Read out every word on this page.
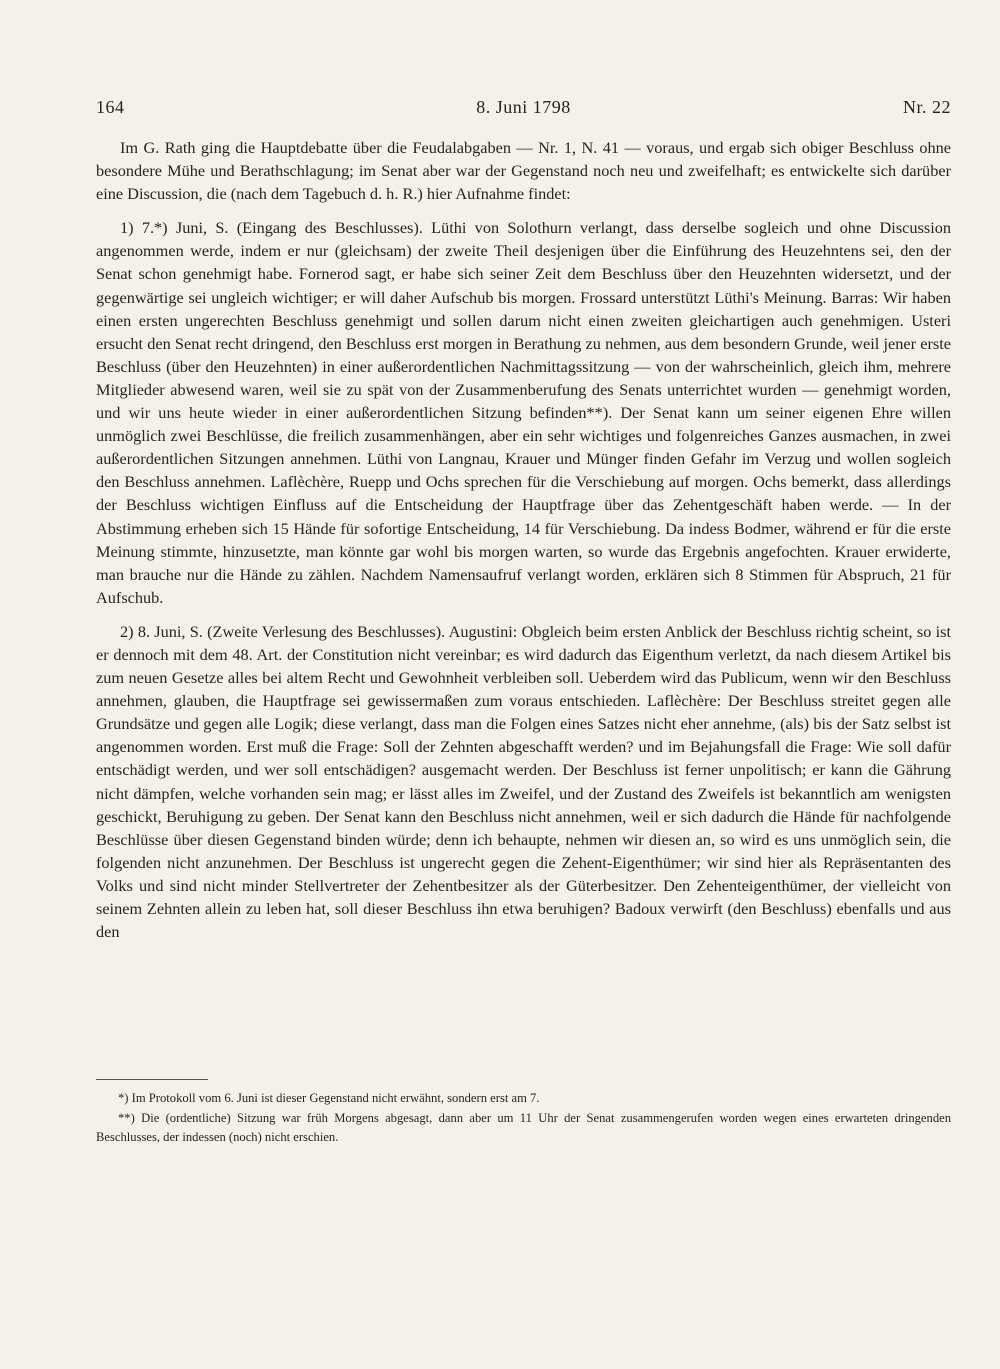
164	8. Juni 1798	Nr. 22

Im G. Rath ging die Hauptdebatte über die Feudalabgaben — Nr. 1, N. 41 — voraus, und ergab sich obiger Beschluss ohne besondere Mühe und Berathschlagung; im Senat aber war der Gegenstand noch neu und zweifelhaft; es entwickelte sich darüber eine Discussion, die (nach dem Tagebuch d. h. R.) hier Aufnahme findet:

1) 7.*) Juni, S. (Eingang des Beschlusses). Lüthi von Solothurn verlangt, dass derselbe sogleich und ohne Discussion angenommen werde, indem er nur (gleichsam) der zweite Theil desjenigen über die Einführung des Heuzehntens sei, den der Senat schon genehmigt habe. Fornerod sagt, er habe sich seiner Zeit dem Beschluss über den Heuzehnten widersetzt, und der gegenwärtige sei ungleich wichtiger; er will daher Aufschub bis morgen. Frossard unterstützt Lüthi's Meinung. Barras: Wir haben einen ersten ungerechten Beschluss genehmigt und sollen darum nicht einen zweiten gleichartigen auch genehmigen. Usteri ersucht den Senat recht dringend, den Beschluss erst morgen in Berathung zu nehmen, aus dem besondern Grunde, weil jener erste Beschluss (über den Heuzehnten) in einer außerordentlichen Nachmittagssitzung — von der wahrscheinlich, gleich ihm, mehrere Mitglieder abwesend waren, weil sie zu spät von der Zusammenberufung des Senats unterrichtet wurden — genehmigt worden, und wir uns heute wieder in einer außerordentlichen Sitzung befinden**). Der Senat kann um seiner eigenen Ehre willen unmöglich zwei Beschlüsse, die freilich zusammenhängen, aber ein sehr wichtiges und folgenreiches Ganzes ausmachen, in zwei außerordentlichen Sitzungen annehmen. Lüthi von Langnau, Krauer und Münger finden Gefahr im Verzug und wollen sogleich den Beschluss annehmen. Laflèchère, Ruepp und Ochs sprechen für die Verschiebung auf morgen. Ochs bemerkt, dass allerdings der Beschluss wichtigen Einfluss auf die Entscheidung der Hauptfrage über das Zehentgeschäft haben werde. — In der Abstimmung erheben sich 15 Hände für sofortige Entscheidung, 14 für Verschiebung. Da indess Bodmer, während er für die erste Meinung stimmte, hinzusetzte, man könnte gar wohl bis morgen warten, so wurde das Ergebnis angefochten. Krauer erwiderte, man brauche nur die Hände zu zählen. Nachdem Namensaufruf verlangt worden, erklären sich 8 Stimmen für Abspruch, 21 für Aufschub.

2) 8. Juni, S. (Zweite Verlesung des Beschlusses). Augustini: Obgleich beim ersten Anblick der Beschluss richtig scheint, so ist er dennoch mit dem 48. Art. der Constitution nicht vereinbar; es wird dadurch das Eigenthum verletzt, da nach diesem Artikel bis zum neuen Gesetze alles bei altem Recht und Gewohnheit verbleiben soll. Ueberdem wird das Publicum, wenn wir den Beschluss annehmen, glauben, die Hauptfrage sei gewissermaßen zum voraus entschieden. Laflèchère: Der Beschluss streitet gegen alle Grundsätze und gegen alle Logik; diese verlangt, dass man die Folgen eines Satzes nicht eher annehme, (als) bis der Satz selbst ist angenommen worden. Erst muß die Frage: Soll der Zehnten abgeschafft werden? und im Bejahungsfall die Frage: Wie soll dafür entschädigt werden, und wer soll entschädigen? ausgemacht werden. Der Beschluss ist ferner unpolitisch; er kann die Gährung nicht dämpfen, welche vorhanden sein mag; er lässt alles im Zweifel, und der Zustand des Zweifels ist bekanntlich am wenigsten geschickt, Beruhigung zu geben. Der Senat kann den Beschluss nicht annehmen, weil er sich dadurch die Hände für nachfolgende Beschlüsse über diesen Gegenstand binden würde; denn ich behaupte, nehmen wir diesen an, so wird es uns unmöglich sein, die folgenden nicht anzunehmen. Der Beschluss ist ungerecht gegen die Zehent-Eigenthümer; wir sind hier als Repräsentanten des Volks und sind nicht minder Stellvertreter der Zehentbesitzer als der Güterbesitzer. Den Zehenteigenthümer, der vielleicht von seinem Zehnten allein zu leben hat, soll dieser Beschluss ihn etwa beruhigen? Badoux verwirft (den Beschluss) ebenfalls und aus den

*) Im Protokoll vom 6. Juni ist dieser Gegenstand nicht erwähnt, sondern erst am 7.

**) Die (ordentliche) Sitzung war früh Morgens abgesagt, dann aber um 11 Uhr der Senat zusammengerufen worden wegen eines erwarteten dringenden Beschlusses, der indessen (noch) nicht erschien.
